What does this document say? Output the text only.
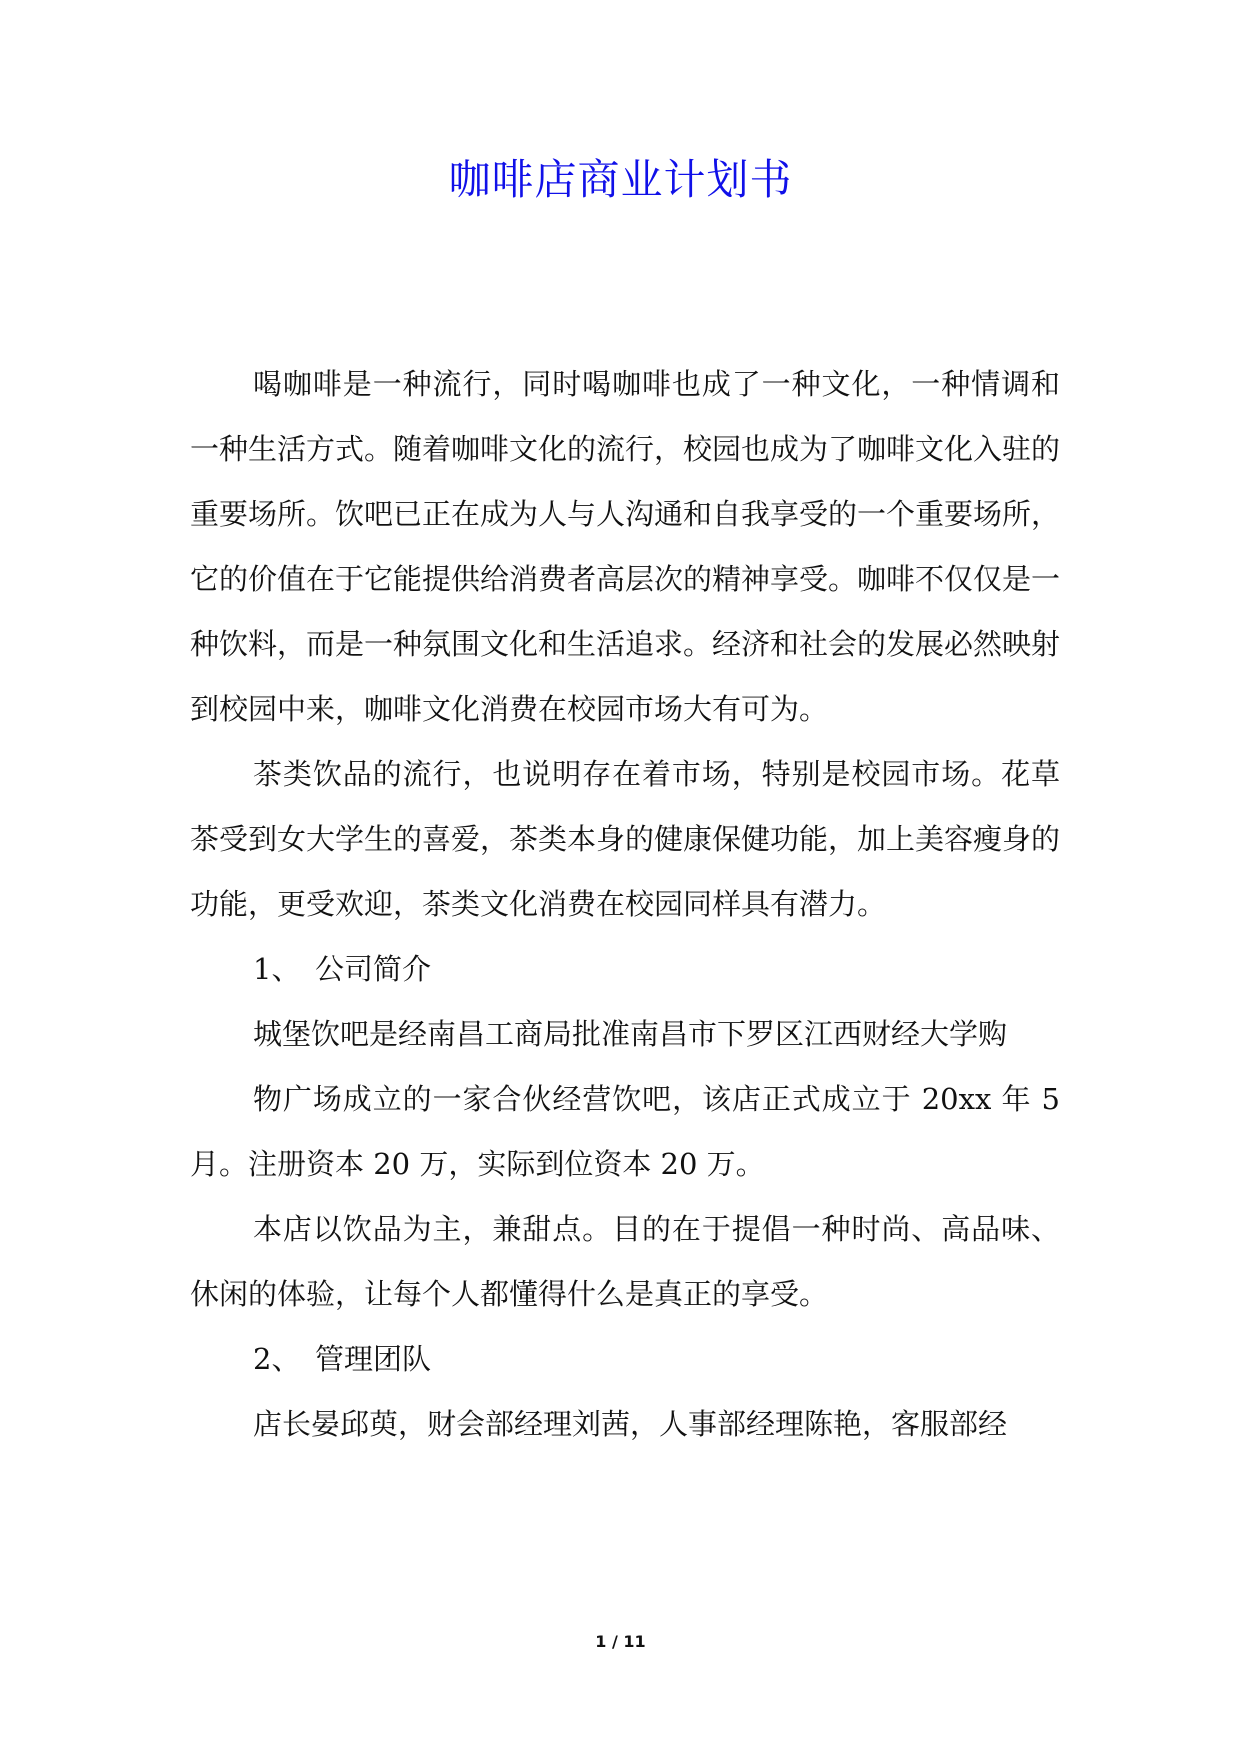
咖啡店商业计划书

喝咖啡是一种流行，同时喝咖啡也成了一种文化，一种情调和一种生活方式。随着咖啡文化的流行，校园也成为了咖啡文化入驻的重要场所。饮吧已正在成为人与人沟通和自我享受的一个重要场所，它的价值在于它能提供给消费者高层次的精神享受。咖啡不仅仅是一种饮料，而是一种氛围文化和生活追求。经济和社会的发展必然映射到校园中来，咖啡文化消费在校园市场大有可为。

茶类饮品的流行，也说明存在着市场，特别是校园市场。花草茶受到女大学生的喜爱，茶类本身的健康保健功能，加上美容瘦身的功能，更受欢迎，茶类文化消费在校园同样具有潜力。

1、 公司简介

城堡饮吧是经南昌工商局批准南昌市下罗区江西财经大学购

物广场成立的一家合伙经营饮吧，该店正式成立于 20xx 年 5 月。注册资本 20 万，实际到位资本 20 万。

本店以饮品为主，兼甜点。目的在于提倡一种时尚、高品味、休闲的体验，让每个人都懂得什么是真正的享受。

2、 管理团队

店长晏邱萸，财会部经理刘茜，人事部经理陈艳，客服部经

1 / 11
